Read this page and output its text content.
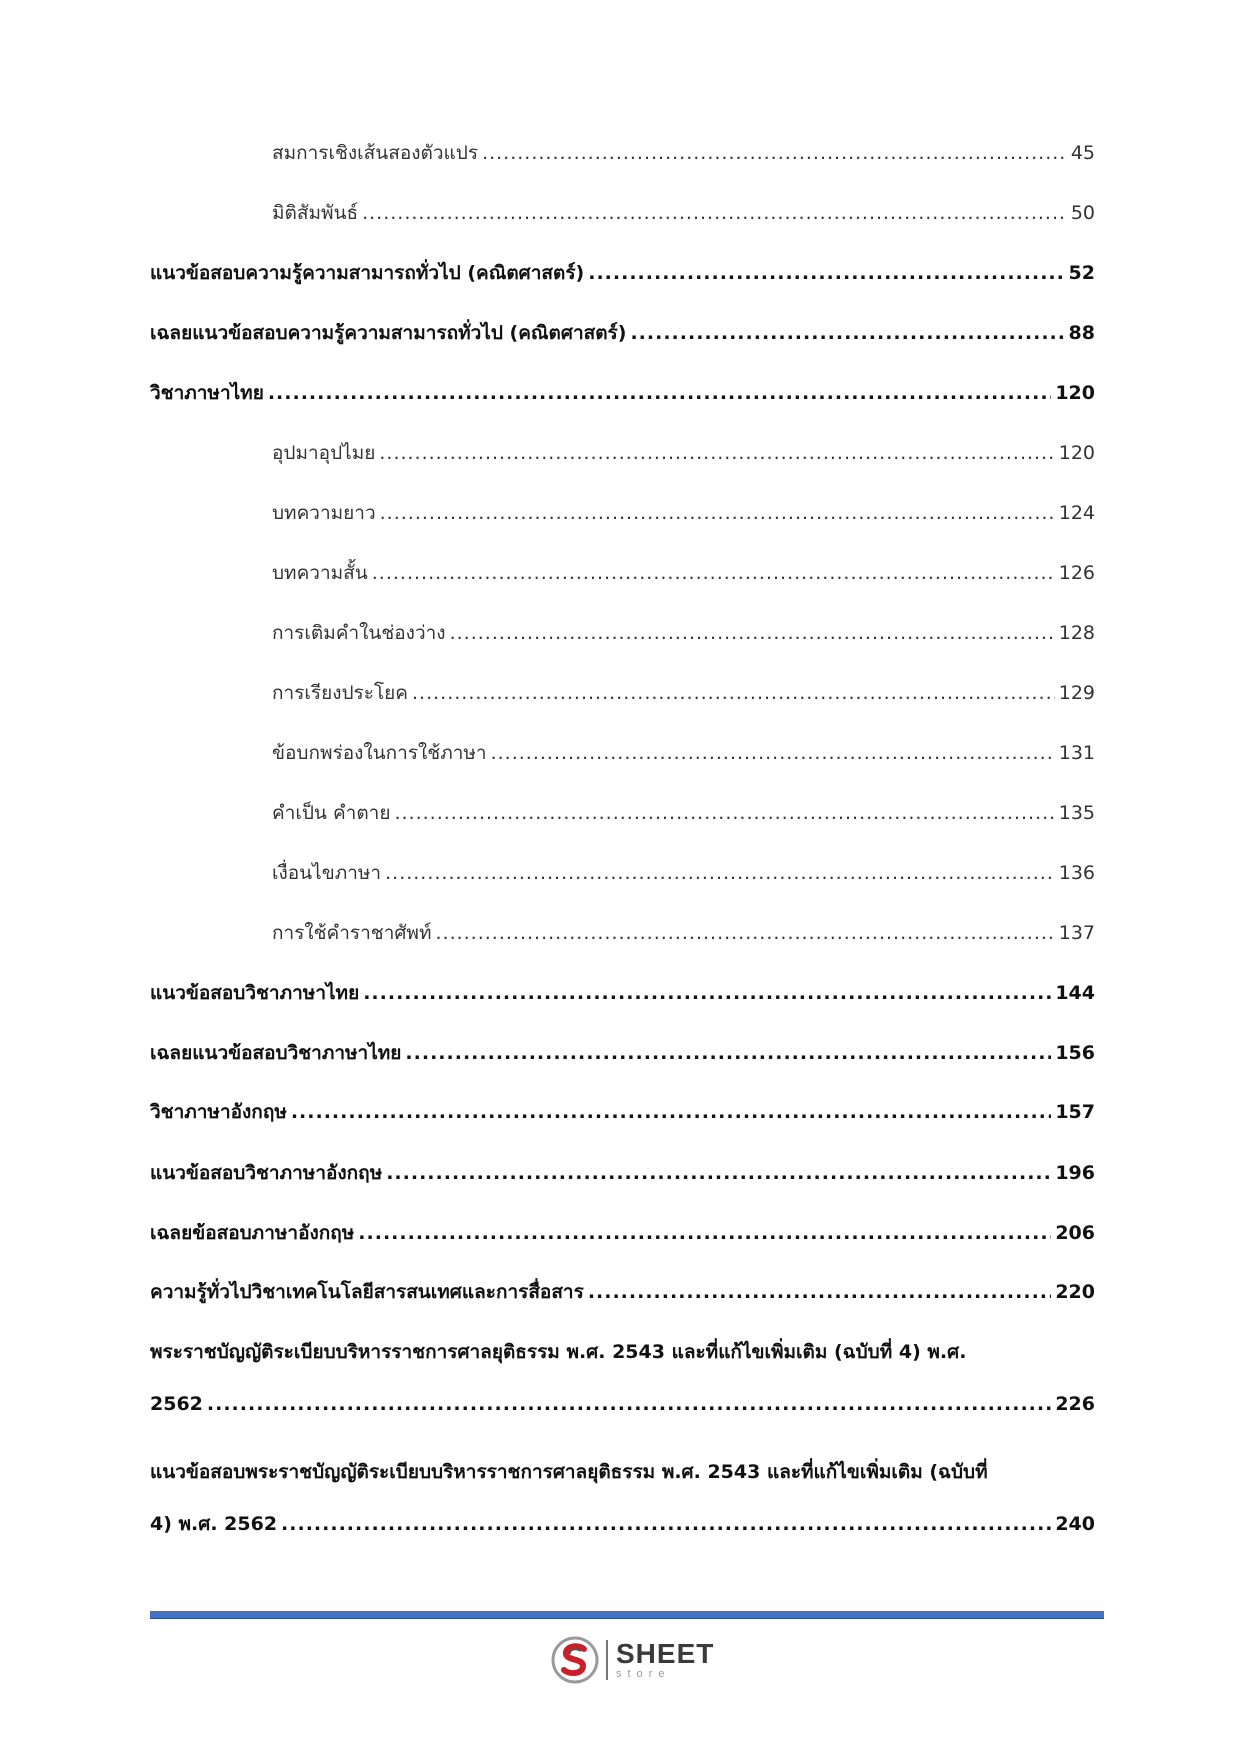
สมการเชิงเส้นสองตัวแปร .....	45
มิติสัมพันธ์ .....	50
แนวข้อสอบความรู้ความสามารถทั่วไป (คณิตศาสตร์) .....	52
เฉลยแนวข้อสอบความรู้ความสามารถทั่วไป (คณิตศาสตร์) .....	88
วิชาภาษาไทย .....	120
อุปมาอุปไมย .....	120
บทความยาว .....	124
บทความสั้น .....	126
การเติมคำในช่องว่าง .....	128
การเรียงประโยค .....	129
ข้อบกพร่องในการใช้ภาษา .....	131
คำเป็น คำตาย .....	135
เงื่อนไขภาษา .....	136
การใช้คำราชาศัพท์ .....	137
แนวข้อสอบวิชาภาษาไทย .....	144
เฉลยแนวข้อสอบวิชาภาษาไทย .....	156
วิชาภาษาอังกฤษ .....	157
แนวข้อสอบวิชาภาษาอังกฤษ .....	196
เฉลยข้อสอบภาษาอังกฤษ .....	206
ความรู้ทั่วไปวิชาเทคโนโลยีสารสนเทศและการสื่อสาร .....	220
พระราชบัญญัติระเบียบบริหารราชการศาลยุติธรรม พ.ศ. 2543 และที่แก้ไขเพิ่มเติม (ฉบับที่ 4) พ.ศ.
2562 .....	226
แนวข้อสอบพระราชบัญญัติระเบียบบริหารราชการศาลยุติธรรม พ.ศ. 2543 และที่แก้ไขเพิ่มเติม (ฉบับที่
4) พ.ศ. 2562 .....	240
SHEET
store
